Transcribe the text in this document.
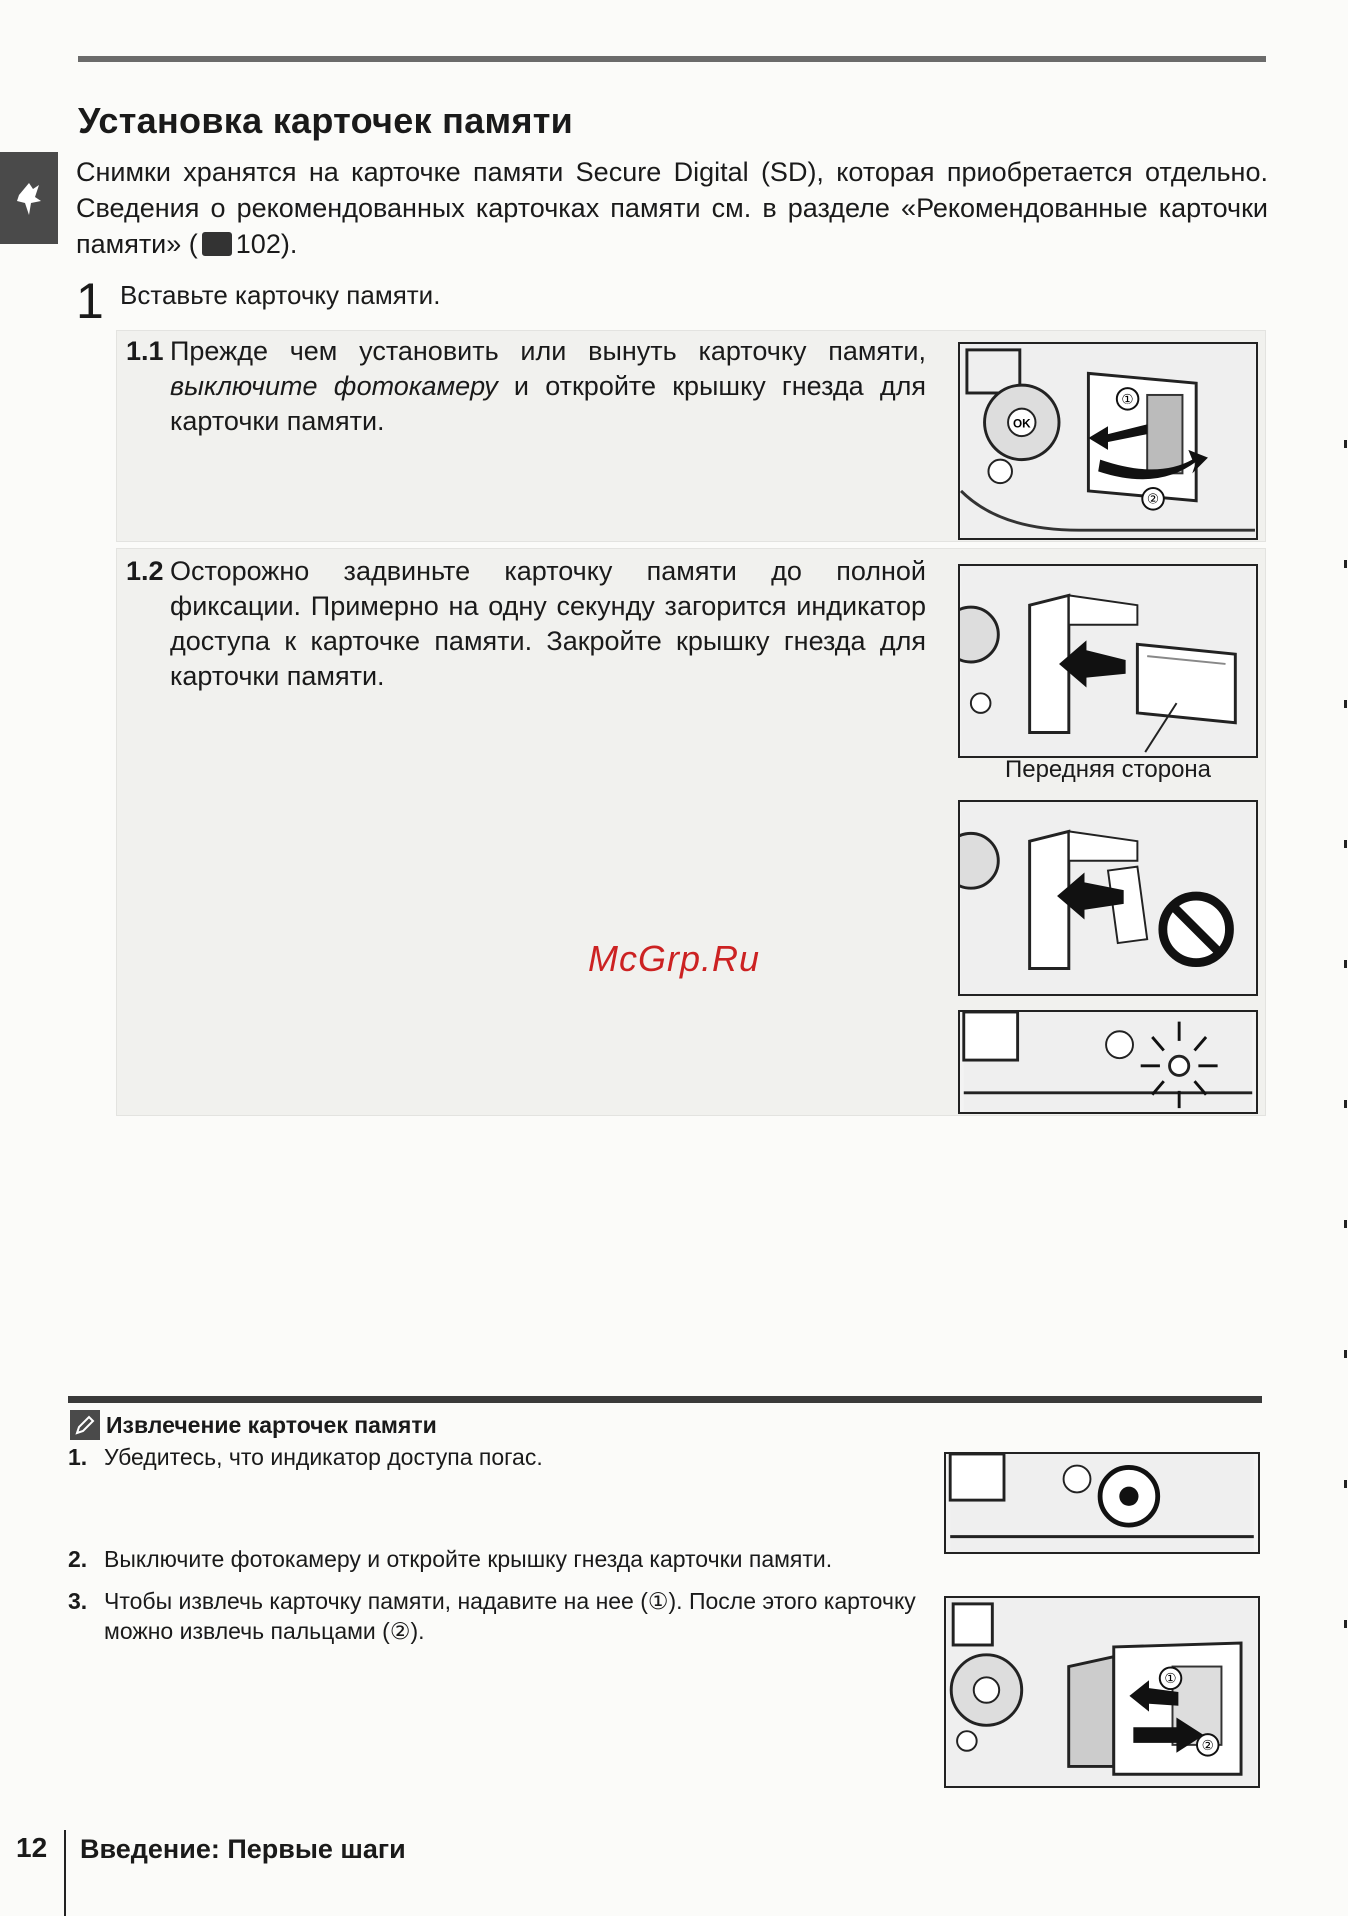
Установка карточек памяти

Снимки хранятся на карточке памяти Secure Digital (SD), которая приобретается отдельно. Сведения о рекомендованных карточках памяти см. в разделе «Рекомендованные карточки памяти» ( 102).

1 Вставьте карточку памяти.
1.1 Прежде чем установить или вынуть карточку памяти, выключите фотокамеру и откройте крышку гнезда для карточки памяти.
1.2 Осторожно задвиньте карточку памяти до полной фиксации. Примерно на одну секунду загорится индикатор доступа к карточке памяти. Закройте крышку гнезда для карточки памяти.
OK
①
②
Передняя сторона
McGrp.Ru
Извлечение карточек памяти
1. Убедитесь, что индикатор доступа погас.
2. Выключите фотокамеру и откройте крышку гнезда карточки памяти.
3. Чтобы извлечь карточку памяти, надавите на нее (①). После этого карточку можно извлечь пальцами (②).
①
②
12 Введение: Первые шаги
